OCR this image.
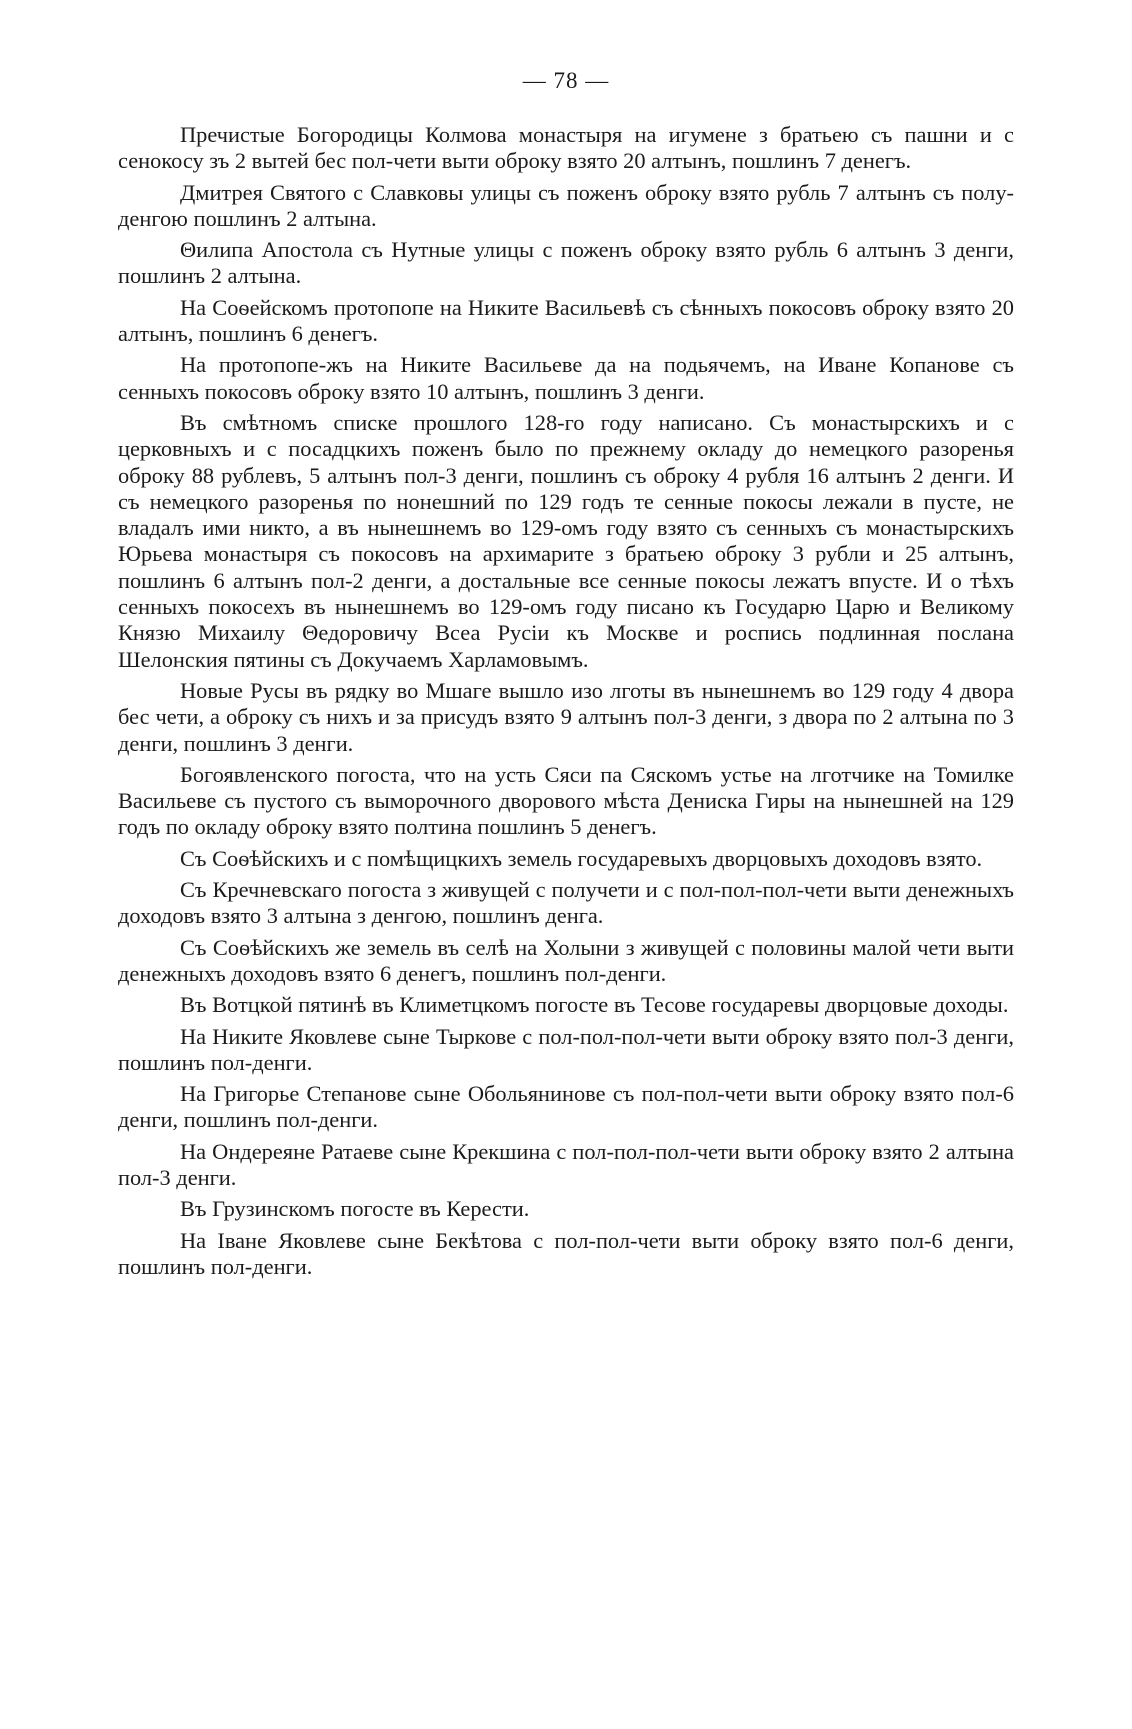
— 78 —

Пречистые Богородицы Колмова монастыря на игумене з братьею съ пашни и с сенокосу зъ 2 вытей бес пол-чети выти оброку взято 20 алтынъ, пошлинъ 7 денегъ.

Дмитрея Святого с Славковы улицы съ поженъ оброку взято рубль 7 алтынъ съ полу-денгою пошлинъ 2 алтына.

Θилипа Апостола съ Нутные улицы с поженъ оброку взято рубль 6 алтынъ 3 денги, пошлинъ 2 алтына.

На Соѳейскомъ протопопе на Никите Васильевѣ съ сѣнныхъ покосовъ оброку взято 20 алтынъ, пошлинъ 6 денегъ.

На протопопе-жъ на Никите Васильеве да на подьячемъ, на Иване Копанове съ сенныхъ покосовъ оброку взято 10 алтынъ, пошлинъ 3 денги.

Въ смѣтномъ списке прошлого 128-го году написано. Съ монастырскихъ и с церковныхъ и с посадцкихъ поженъ было по прежнему окладу до немецкого разоренья оброку 88 рублевъ, 5 алтынъ пол-3 денги, пошлинъ съ оброку 4 рубля 16 алтынъ 2 денги. И съ немецкого разоренья по нонешний по 129 годъ те сенные покосы лежали в пусте, не владалъ ими никто, а въ нынешнемъ во 129-омъ году взято съ сенныхъ съ монастырскихъ Юрьева монастыря съ покосовъ на архимарите з братьею оброку 3 рубли и 25 алтынъ, пошлинъ 6 алтынъ пол-2 денги, а достальные все сенные покосы лежатъ впусте. И о тѣхъ сенныхъ покосехъ въ нынешнемъ во 129-омъ году писано къ Государю Царю и Великому Князю Михаилу Θедоровичу Всеа Русiи къ Москве и роспись подлинная послана Шелонския пятины съ Докучаемъ Харламовымъ.

Новые Русы въ рядку во Мшаге вышло изо лготы въ нынешнемъ во 129 году 4 двора бес чети, а оброку съ нихъ и за присудъ взято 9 алтынъ пол-3 денги, з двора по 2 алтына по 3 денги, пошлинъ 3 денги.

Богоявленского погоста, что на усть Сяси па Сяскомъ устье на лготчике на Томилке Васильеве съ пустого съ выморочного дворового мѣста Дениска Гиры на нынешней на 129 годъ по окладу оброку взято полтина пошлинъ 5 денегъ.

Съ Соѳѣйскихъ и с помѣщицкихъ земель государевыхъ дворцовыхъ доходовъ взято.

Съ Кречневскаго погоста з живущей с получети и с пол-пол-пол-чети выти денежныхъ доходовъ взято 3 алтына з денгою, пошлинъ денга.

Съ Соѳѣйскихъ же земель въ селѣ на Холыни з живущей с половины малой чети выти денежныхъ доходовъ взято 6 денегъ, пошлинъ пол-денги.

Въ Вотцкой пятинѣ въ Климетцкомъ погосте въ Тесове государевы дворцовые доходы.

На Никите Яковлеве сыне Тыркове с пол-пол-пол-чети выти оброку взято пол-3 денги, пошлинъ пол-денги.

На Григорье Степанове сыне Обольянинове съ пол-пол-чети выти оброку взято пол-6 денги, пошлинъ пол-денги.

На Ондереяне Ратаеве сыне Крекшина с пол-пол-пол-чети выти оброку взято 2 алтына пол-3 денги.

Въ Грузинскомъ погосте въ Керести.

На Iване Яковлеве сыне Бекѣтова с пол-пол-чети выти оброку взято пол-6 денги, пошлинъ пол-денги.
